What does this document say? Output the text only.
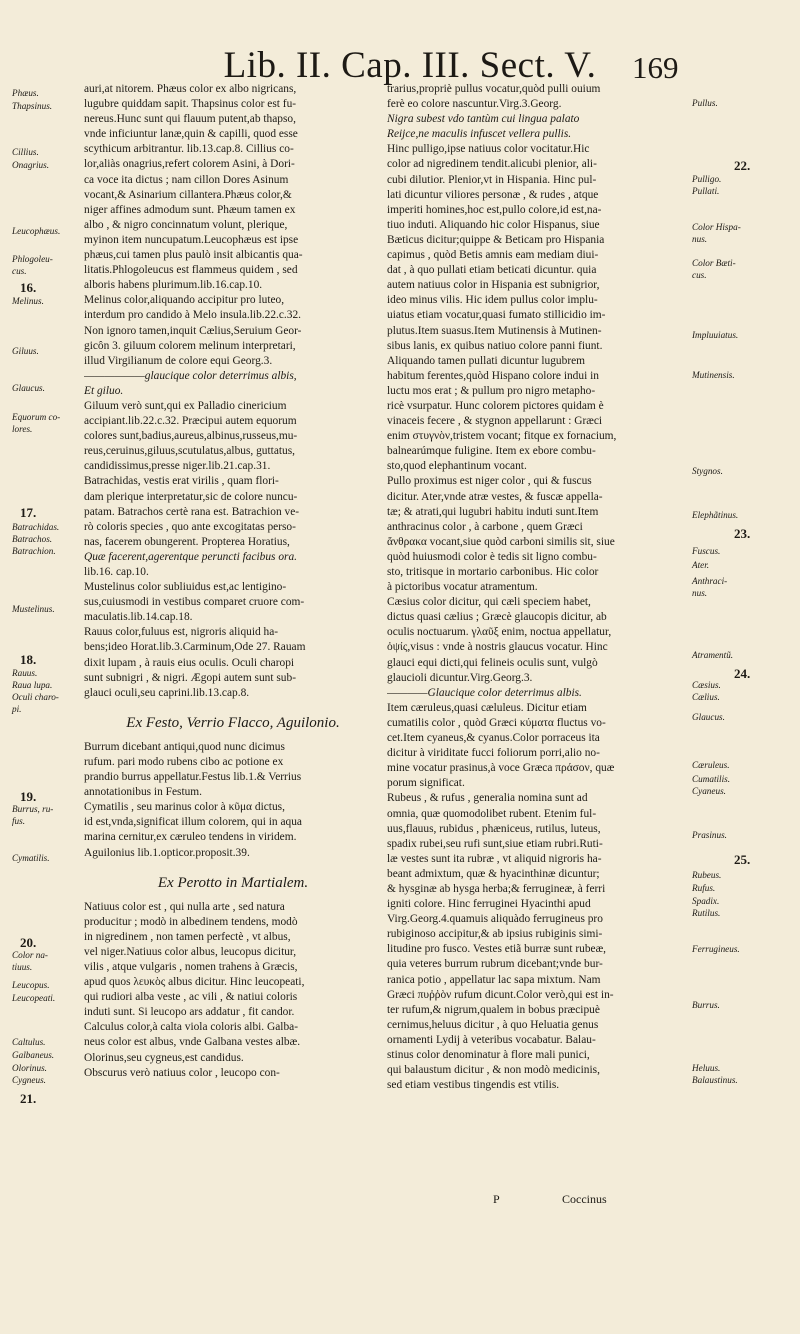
Lib. II. Cap. III. Sect. V.	169
Phæus.
Thapsinus.
Cillius.
Onagrius.
Leucophæus.
Phlogoleu-
cus.
16.
Melinus.
Giluus.
Glaucus.
Equorum co-
lores.
17.
Batrachidas.
Batrachos.
Batrachion.
Mustelinus.
18.
Rauus.
Raua lupa.
Oculi charo-
pi.
19.
Burrus, ru-
fus.
Cymatilis.
20.
Color na-
tiuus.
Leucopus.
Leucopeati.
Caltulus.
Galbaneus.
Olorinus.
Cygneus.
21.
Pullus.
22.
Pulligo.
Pullati.
Color Hispa-
nus.
Color Bæti-
cus.
Impluuiatus.
Mutinensis.
Stygnos.
Elephãtinus.
23.
Fuscus.
Ater.
Anthraci-
nus.
Atramentũ.
24.
Cæsius.
Cælius.
Glaucus.
Cæruleus.
Cumatilis.
Cyaneus.
Prasinus.
25.
Rubeus.
Rufus.
Spadix.
Rutilus.
Ferrugineus.
Burrus.
Heluus.
Balaustinus.

auri,at nitorem. Phæus color ex albo nigricans,

lugubre quiddam sapit. Thapsinus color est fu-

nereus.Hunc sunt qui flauum putent,ab thapso,

vnde inficiuntur lanæ,quin & capilli, quod esse

scythicum arbitrantur. lib.13.cap.8. Cillius co-

lor,aliàs onagrius,refert colorem Asini, à Dori-

ca voce ita dictus ; nam cillon Dores Asinum

vocant,& Asinarium cillantera.Phæus color,&

niger affines admodum sunt. Phæum tamen ex

albo , & nigro concinnatum volunt, plerique,

myinon item nuncupatum.Leucophæus est ipse

phæus,cui tamen plus paulò insit albicantis qua-

litatis.Phlogoleucus est flammeus quidem , sed

alboris habens plurimum.lib.16.cap.10.

Melinus color,aliquando accipitur pro luteo,

interdum pro candido à Melo insula.lib.22.c.32.

Non ignoro tamen,inquit Cælius,Seruium Geor-

gicôn 3. giluum colorem melinum interpretari,

illud Virgilianum de colore equi Georg.3.

——————glaucique color deterrimus albis,

Et giluo.

Giluum verò sunt,qui ex Palladio cinericium

accipiant.lib.22.c.32. Præcipui autem equorum

colores sunt,badius,aureus,albinus,russeus,mu-

reus,ceruinus,giluus,scutulatus,albus, guttatus,

candidissimus,presse niger.lib.21.cap.31.

Batrachidas, vestis erat virilis , quam flori-

dam plerique interpretatur,sic de colore nuncu-

patam. Batrachos certè rana est. Batrachion ve-

rò coloris species , quo ante excogitatas perso-

nas, facerem obungerent. Propterea Horatius,

Quæ facerent,agerentque peruncti facibus ora.

lib.16. cap.10.

Mustelinus color subliuidus est,ac lentigino-

sus,cuiusmodi in vestibus comparet cruore com-

maculatis.lib.14.cap.18.

Rauus color,fuluus est, nigroris aliquid ha-

bens;ideo Horat.lib.3.Carminum,Ode 27. Rauam

dixit lupam , à rauis eius oculis. Oculi charopi

sunt subnigri , & nigri. Ægopi autem sunt sub-

glauci oculi,seu caprini.lib.13.cap.8.

Ex Festo, Verrio Flacco, Aguilonio.

Burrum dicebant antiqui,quod nunc dicimus

rufum. pari modo rubens cibo ac potione ex

prandio burrus appellatur.Festus lib.1.& Verrius

annotationibus in Festum.

Cymatilis , seu marinus color à κῦμα dictus,

id est,vnda,significat illum colorem, qui in aqua

marina cernitur,ex cæruleo tendens in viridem.

Aguilonius lib.1.opticor.proposit.39.

Ex Perotto in Martialem.

Natiuus color est , qui nulla arte , sed natura

producitur ; modò in albedinem tendens, modò

in nigredinem , non tamen perfectè , vt albus,

vel niger.Natiuus color albus, leucopus dicitur,

vilis , atque vulgaris , nomen trahens à Græcis,

apud quos λευκὸς albus dicitur. Hinc leucopeati,

qui rudiori alba veste , ac vili , & natiui coloris

induti sunt. Si leucopo ars addatur , fit candor.

Calculus color,à calta viola coloris albi. Galba-

neus color est albus, vnde Galbana vestes albæ.

Olorinus,seu cygneus,est candidus.

Obscurus verò natiuus color , leucopo con-

trarius,propriè pullus vocatur,quòd pulli ouium

ferè eo colore nascuntur.Virg.3.Georg.

Nigra subest vdo tantùm cui lingua palato

Reijce,ne maculis infuscet vellera pullis.

Hinc pulligo,ipse natiuus color vocitatur.Hic

color ad nigredinem tendit.alicubi plenior, ali-

cubi dilutior. Plenior,vt in Hispania. Hinc pul-

lati dicuntur viliores personæ , & rudes , atque

imperiti homines,hoc est,pullo colore,id est,na-

tiuo induti. Aliquando hic color Hispanus, siue

Bæticus dicitur;quippe & Beticam pro Hispania

capimus , quòd Betis amnis eam mediam diui-

dat , à quo pullati etiam beticati dicuntur. quia

autem natiuus color in Hispania est subnigrior,

ideo minus vilis. Hic idem pullus color implu-

uiatus etiam vocatur,quasi fumato stillicidio im-

plutus.Item suasus.Item Mutinensis à Mutinen-

sibus lanis, ex quibus natiuo colore panni fiunt.

Aliquando tamen pullati dicuntur lugubrem

habitum ferentes,quòd Hispano colore indui in

luctu mos erat ; & pullum pro nigro metapho-

ricè vsurpatur. Hunc colorem pictores quidam è

vinaceis fecere , & stygnon appellarunt : Græci

enim στυγνὸν,tristem vocant; fitque ex fornacium,

balnearúmque fuligine. Item ex ebore combu-

sto,quod elephantinum vocant.

Pullo proximus est niger color , qui & fuscus

dicitur. Ater,vnde atræ vestes, & fuscæ appella-

tæ; & atrati,qui lugubri habitu induti sunt.Item

anthracinus color , à carbone , quem Græci

ἄνθρακα vocant,siue quòd carboni similis sit, siue

quòd huiusmodi color è tedis sit ligno combu-

sto, tritisque in mortario carbonibus. Hic color

à pictoribus vocatur atramentum.

Cæsius color dicitur, qui cæli speciem habet,

dictus quasi cælius ; Græcè glaucopis dicitur, ab

oculis noctuarum. γλαῦξ enim, noctua appellatur,

ὀψίς,visus : vnde à nostris glaucus vocatur. Hinc

glauci equi dicti,qui felineis oculis sunt, vulgò

glaucioli dicuntur.Virg.Georg.3.

————Glaucique color deterrimus albis.

Item cæruleus,quasi cæluleus. Dicitur etiam

cumatilis color , quòd Græci κύματα fluctus vo-

cet.Item cyaneus,& cyanus.Color porraceus ita

dicitur à viriditate fucci foliorum porri,alio no-

mine vocatur prasinus,à voce Græca πράσον, quæ

porum significat.

Rubeus , & rufus , generalia nomina sunt ad

omnia, quæ quomodolibet rubent. Etenim ful-

uus,flauus, rubidus , phæniceus, rutilus, luteus,

spadix rubei,seu rufi sunt,siue etiam rubri.Ruti-

læ vestes sunt ita rubræ , vt aliquid nigroris ha-

beant admixtum, quæ & hyacinthinæ dicuntur;

& hysginæ ab hysga herba;& ferrugineæ, à ferri

igniti colore. Hinc ferruginei Hyacinthi apud

Virg.Georg.4.quamuis aliquàdo ferrugineus pro

rubiginoso accipitur,& ab ipsius rubiginis simi-

litudine pro fusco. Vestes etiã burræ sunt rubeæ,

quia veteres burrum rubrum dicebant;vnde bur-

ranica potio , appellatur lac sapa mixtum. Nam

Græci πυῤῥὸν rufum dicunt.Color verò,qui est in-

ter rufum,& nigrum,qualem in bobus præcipuè

cernimus,heluus dicitur , à quo Heluatia genus

ornamenti Lydij à veteribus vocabatur. Balau-

stinus color denominatur à flore mali punici,

qui balaustum dicitur , & non modò medicinis,

sed etiam vestibus tingendis est vtilis.

P	Coccinus
